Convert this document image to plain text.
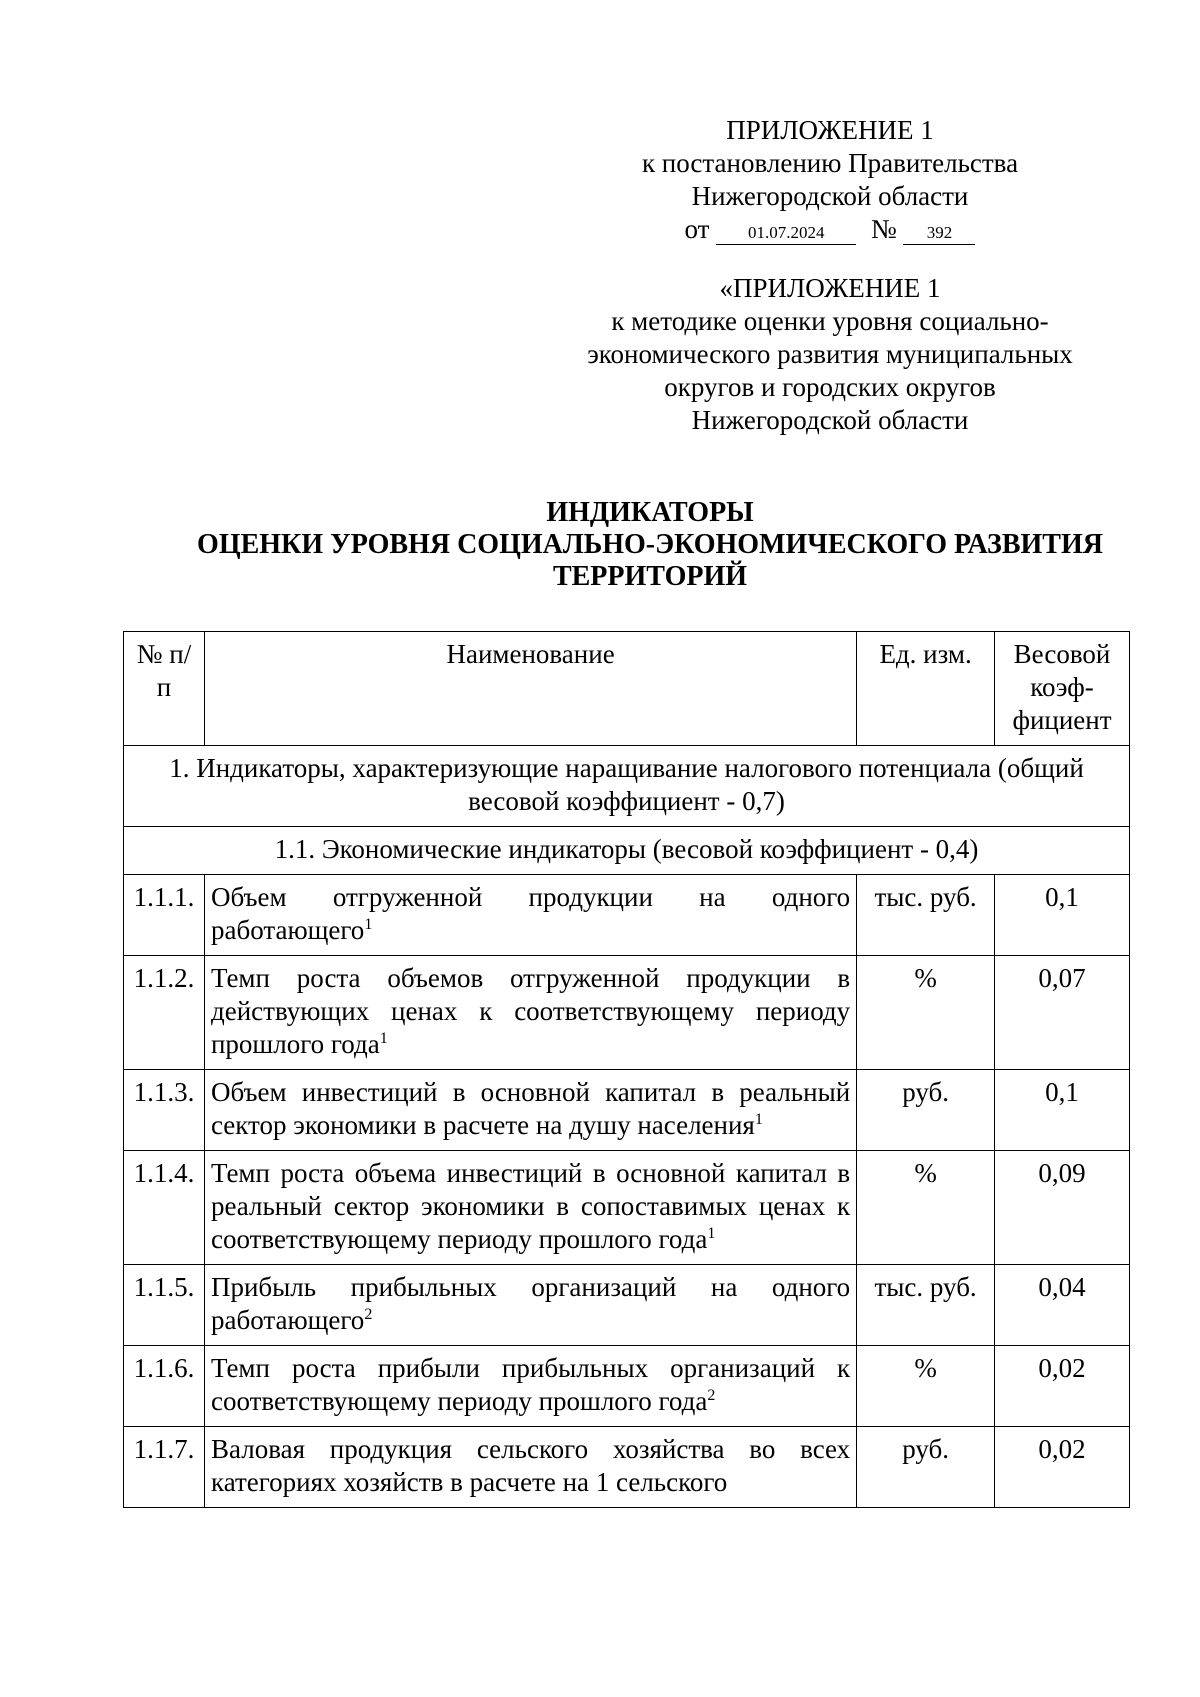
ПРИЛОЖЕНИЕ 1
к постановлению Правительства
Нижегородской области
от 01.07.2024 № 392
«ПРИЛОЖЕНИЕ 1
к методике оценки уровня социально-
экономического развития муниципальных
округов и городских округов
Нижегородской области
ИНДИКАТОРЫ
ОЦЕНКИ УРОВНЯ СОЦИАЛЬНО-ЭКОНОМИЧЕСКОГО РАЗВИТИЯ
ТЕРРИТОРИЙ
№ п/п	Наименование	Ед. изм.	Весовой коэф-фициент
1. Индикаторы, характеризующие наращивание налогового потенциала (общий весовой коэффициент - 0,7)			
1.1. Экономические индикаторы (весовой коэффициент - 0,4)			
1.1.1.	Объем отгруженной продукции на одного работающего$^1$	тыс. руб.	0,1
1.1.2.	Темп роста объемов отгруженной продукции в действующих ценах к соответствующему периоду прошлого года$^1$	%	0,07
1.1.3.	Объем инвестиций в основной капитал в реальный сектор экономики в расчете на душу населения$^1$	руб.	0,1
1.1.4.	Темп роста объема инвестиций в основной капитал в реальный сектор экономики в сопоставимых ценах к соответствующему периоду прошлого года$^1$	%	0,09
1.1.5.	Прибыль прибыльных организаций на одного работающего$^2$	тыс. руб.	0,04
1.1.6.	Темп роста прибыли прибыльных организаций к соответствующему периоду прошлого года$^2$	%	0,02
1.1.7.	Валовая продукция сельского хозяйства во всех категориях хозяйств в расчете на 1 сельского	руб.	0,02
